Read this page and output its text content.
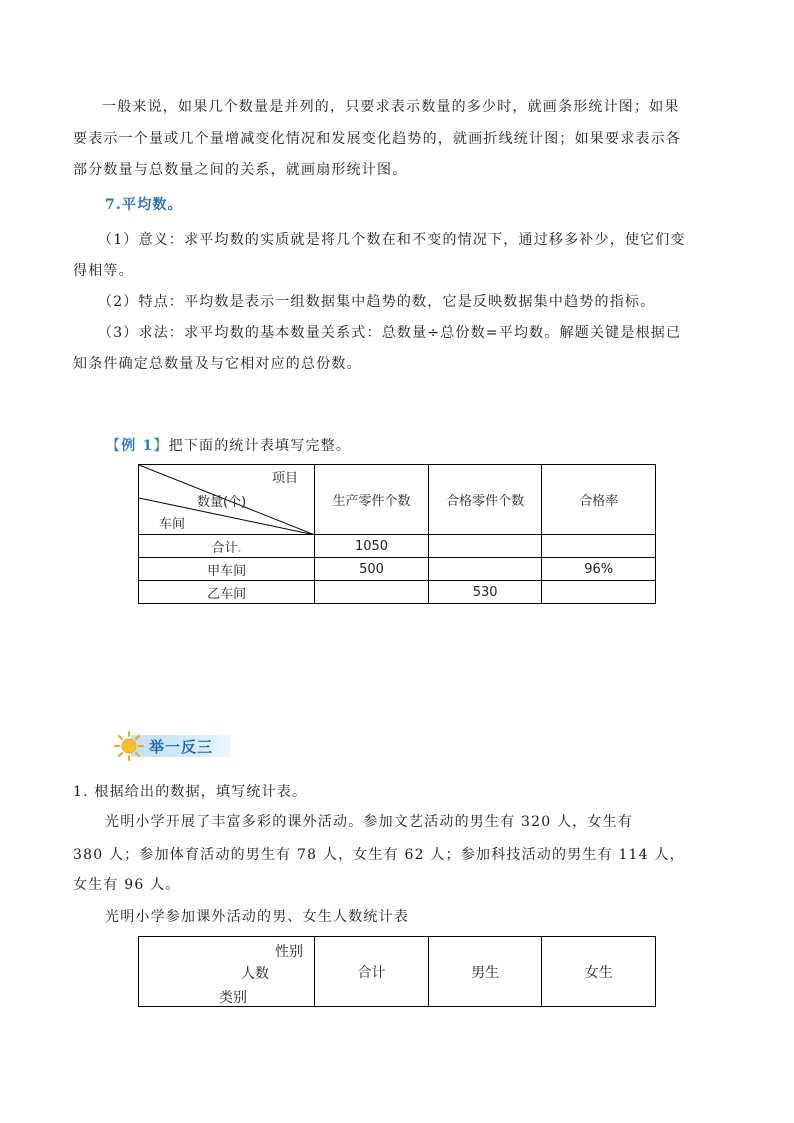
一般来说，如果几个数量是并列的，只要求表示数量的多少时，就画条形统计图；如果
要表示一个量或几个量增减变化情况和发展变化趋势的，就画折线统计图；如果要求表示各
部分数量与总数量之间的关系，就画扇形统计图。
7.平均数。
（1）意义：求平均数的实质就是将几个数在和不变的情况下，通过移多补少，使它们变
得相等。
（2）特点：平均数是表示一组数据集中趋势的数，它是反映数据集中趋势的指标。
（3）求法：求平均数的基本数量关系式：总数量÷总份数=平均数。解题关键是根据已
知条件确定总数量及与它相对应的总份数。
【例 1】把下面的统计表填写完整。
项目
数量(个)
车间	生产零件个数	合格零件个数	合格率
合计.	1050		
甲车间	500		96%
乙车间		530	
举一反三
1. 根据给出的数据，填写统计表。
光明小学开展了丰富多彩的课外活动。参加文艺活动的男生有 320 人，女生有
380 人；参加体育活动的男生有 78 人，女生有 62 人；参加科技活动的男生有 114 人，
女生有 96 人。
光明小学参加课外活动的男、女生人数统计表
性别
人数
类别
	合计	男生	女生
